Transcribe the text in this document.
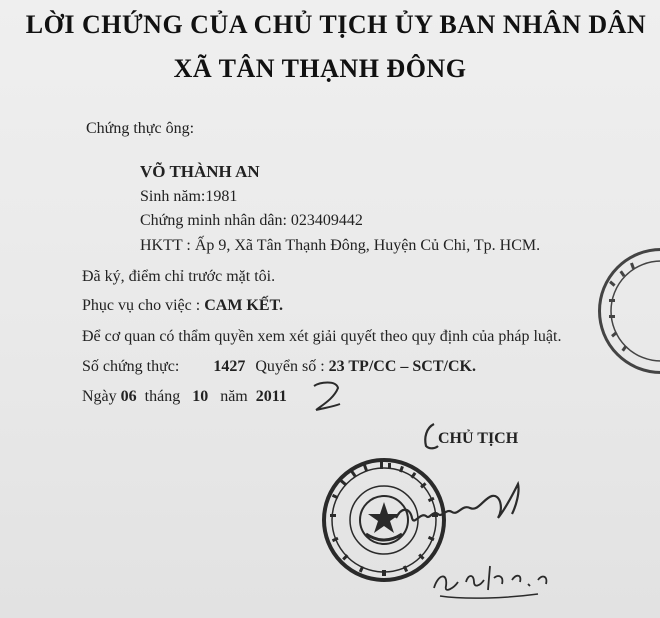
LỜI CHỨNG CỦA CHỦ TỊCH ỦY BAN NHÂN DÂN
XÃ TÂN THẠNH ĐÔNG
Chứng thực ông:
VÕ THÀNH AN
Sinh năm:1981
Chứng minh nhân dân: 023409442
HKTT : Ấp 9, Xã Tân Thạnh Đông, Huyện Củ Chi, Tp. HCM.
Đã ký, điểm chỉ trước mặt tôi.
Phục vụ cho việc : CAM KẾT.
Để cơ quan có thẩm quyền xem xét giải quyết theo quy định của pháp luật.
Số chứng thực: 1427 Quyển số : 23 TP/CC – SCT/CK.
Ngày 06 tháng 10 năm 2011
CHỦ TỊCH
